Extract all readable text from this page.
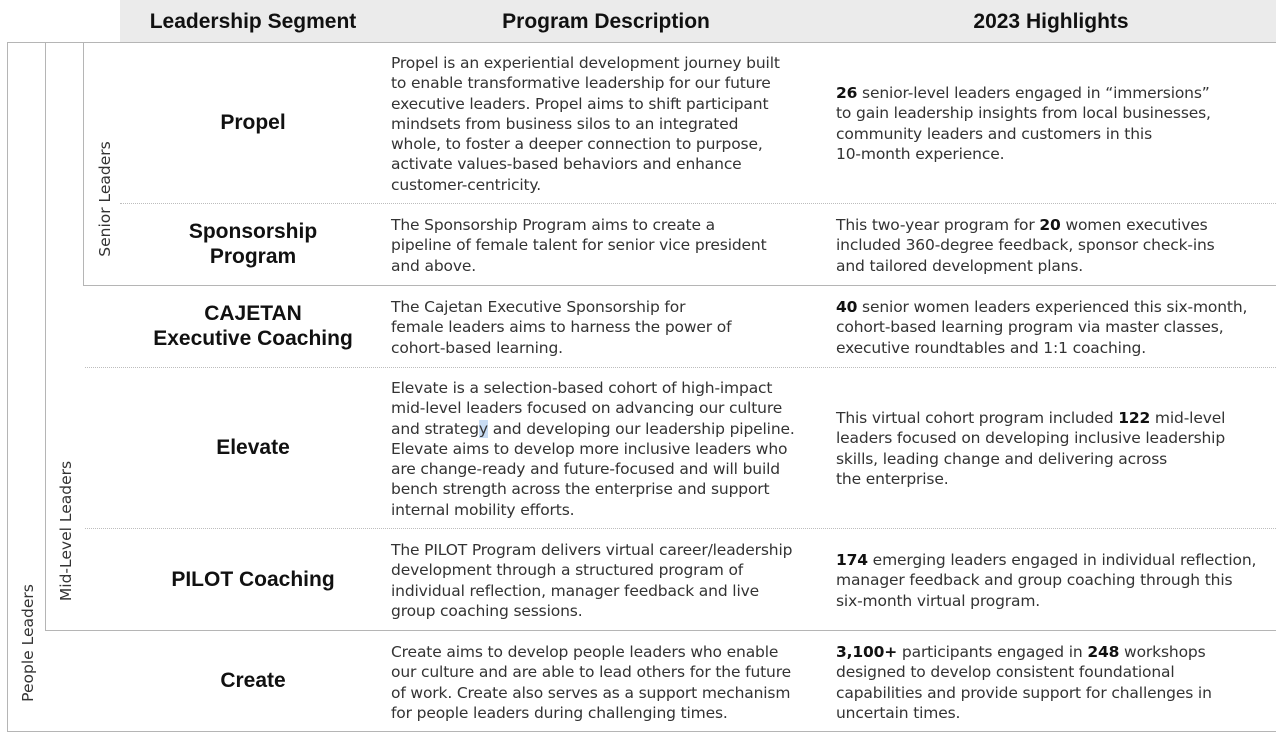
Leadership Segment	Program Description	2023 Highlights
People Leaders
Mid-Level Leaders
Senior Leaders
Propel
Propel is an experiential development journey built
to enable transformative leadership for our future
executive leaders. Propel aims to shift participant
mindsets from business silos to an integrated
whole, to foster a deeper connection to purpose,
activate values-based behaviors and enhance
customer-centricity.
26 senior-level leaders engaged in “immersions”
to gain leadership insights from local businesses,
community leaders and customers in this
10-month experience.
Sponsorship
Program
The Sponsorship Program aims to create a
pipeline of female talent for senior vice president
and above.
This two-year program for 20 women executives
included 360-degree feedback, sponsor check-ins
and tailored development plans.
CAJETAN
Executive Coaching
The Cajetan Executive Sponsorship for
female leaders aims to harness the power of
cohort-based learning.
40 senior women leaders experienced this six-month,
cohort-based learning program via master classes,
executive roundtables and 1:1 coaching.
Elevate
Elevate is a selection-based cohort of high-impact
mid-level leaders focused on advancing our culture
and strategy and developing our leadership pipeline.
Elevate aims to develop more inclusive leaders who
are change-ready and future-focused and will build
bench strength across the enterprise and support
internal mobility efforts.
This virtual cohort program included 122 mid-level
leaders focused on developing inclusive leadership
skills, leading change and delivering across
the enterprise.
PILOT Coaching
The PILOT Program delivers virtual career/leadership
development through a structured program of
individual reflection, manager feedback and live
group coaching sessions.
174 emerging leaders engaged in individual reflection,
manager feedback and group coaching through this
six-month virtual program.
Create
Create aims to develop people leaders who enable
our culture and are able to lead others for the future
of work. Create also serves as a support mechanism
for people leaders during challenging times.
3,100+ participants engaged in 248 workshops
designed to develop consistent foundational
capabilities and provide support for challenges in
uncertain times.
